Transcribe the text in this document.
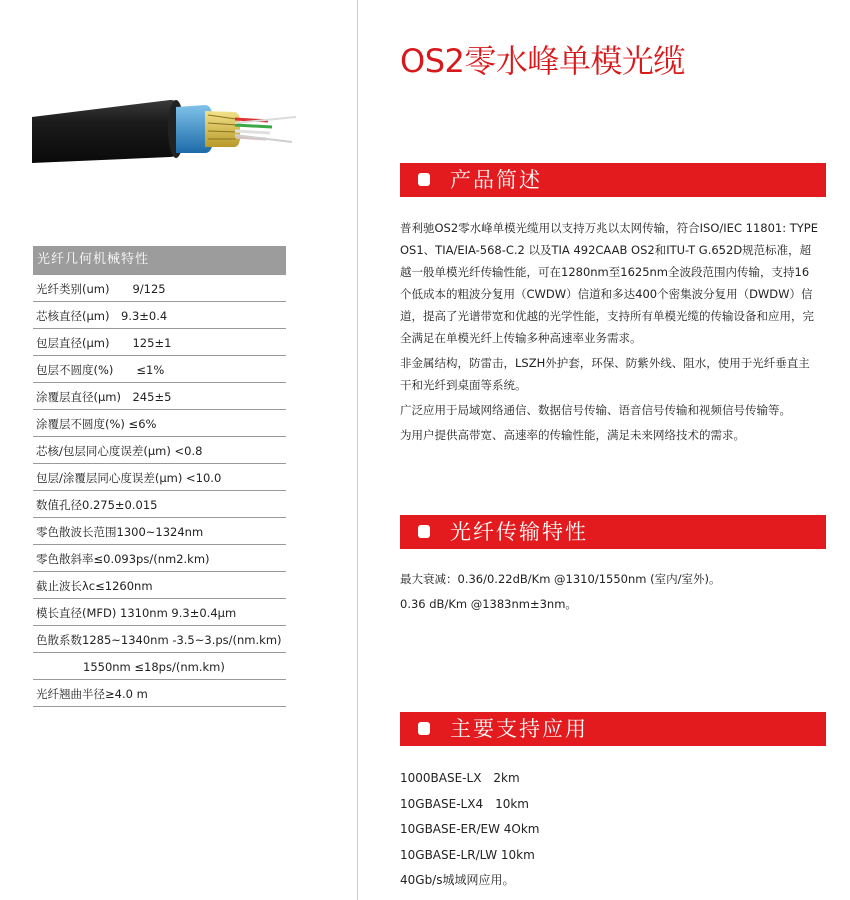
光纤几何机械特性
光纤类别(um)　　9/125
芯核直径(μm)　9.3±0.4
包层直径(μm)　　125±1
包层不圆度(%)　　≤1%
涂覆层直径(μm)　245±5
涂覆层不圆度(%) ≤6%
芯核/包层同心度误差(μm) <0.8
包层/涂覆层同心度误差(μm) <10.0
数值孔径0.275±0.015
零色散波长范围1300~1324nm
零色散斜率≤0.093ps/(nm2.km)
截止波长λc≤1260nm
模长直径(MFD) 1310nm 9.3±0.4μm
色散系数1285~1340nm -3.5~3.ps/(nm.km)
1550nm ≤18ps/(nm.km)
光纤翘曲半径≥4.0 m
OS2零水峰单模光缆
产品简述

普利驰OS2零水峰单模光缆用以支持万兆以太网传输，符合ISO/IEC 11801: TYPE OS1、TIA/EIA-568-C.2 以及TIA 492CAAB OS2和ITU-T G.652D规范标准，超越一般单模光纤传输性能，可在1280nm至1625nm全波段范围内传输，支持16个低成本的粗波分复用（CWDW）信道和多达400个密集波分复用（DWDW）信道，提高了光谱带宽和优越的光学性能，支持所有单模光缆的传输设备和应用，完全满足在单模光纤上传输多种高速率业务需求。

非金属结构，防雷击，LSZH外护套，环保、防紫外线、阻水，使用于光纤垂直主干和光纤到桌面等系统。

广泛应用于局域网络通信、数据信号传输、语音信号传输和视频信号传输等。

为用户提供高带宽、高速率的传输性能，满足未来网络技术的需求。

光纤传输特性

最大衰减：0.36/0.22dB/Km @1310/1550nm (室内/室外)。

0.36 dB/Km @1383nm±3nm。

主要支持应用
1000BASE-LX　2km
10GBASE-LX4　10km
10GBASE-ER/EW 4Okm
10GBASE-LR/LW 10km
40Gb/s城域网应用。
